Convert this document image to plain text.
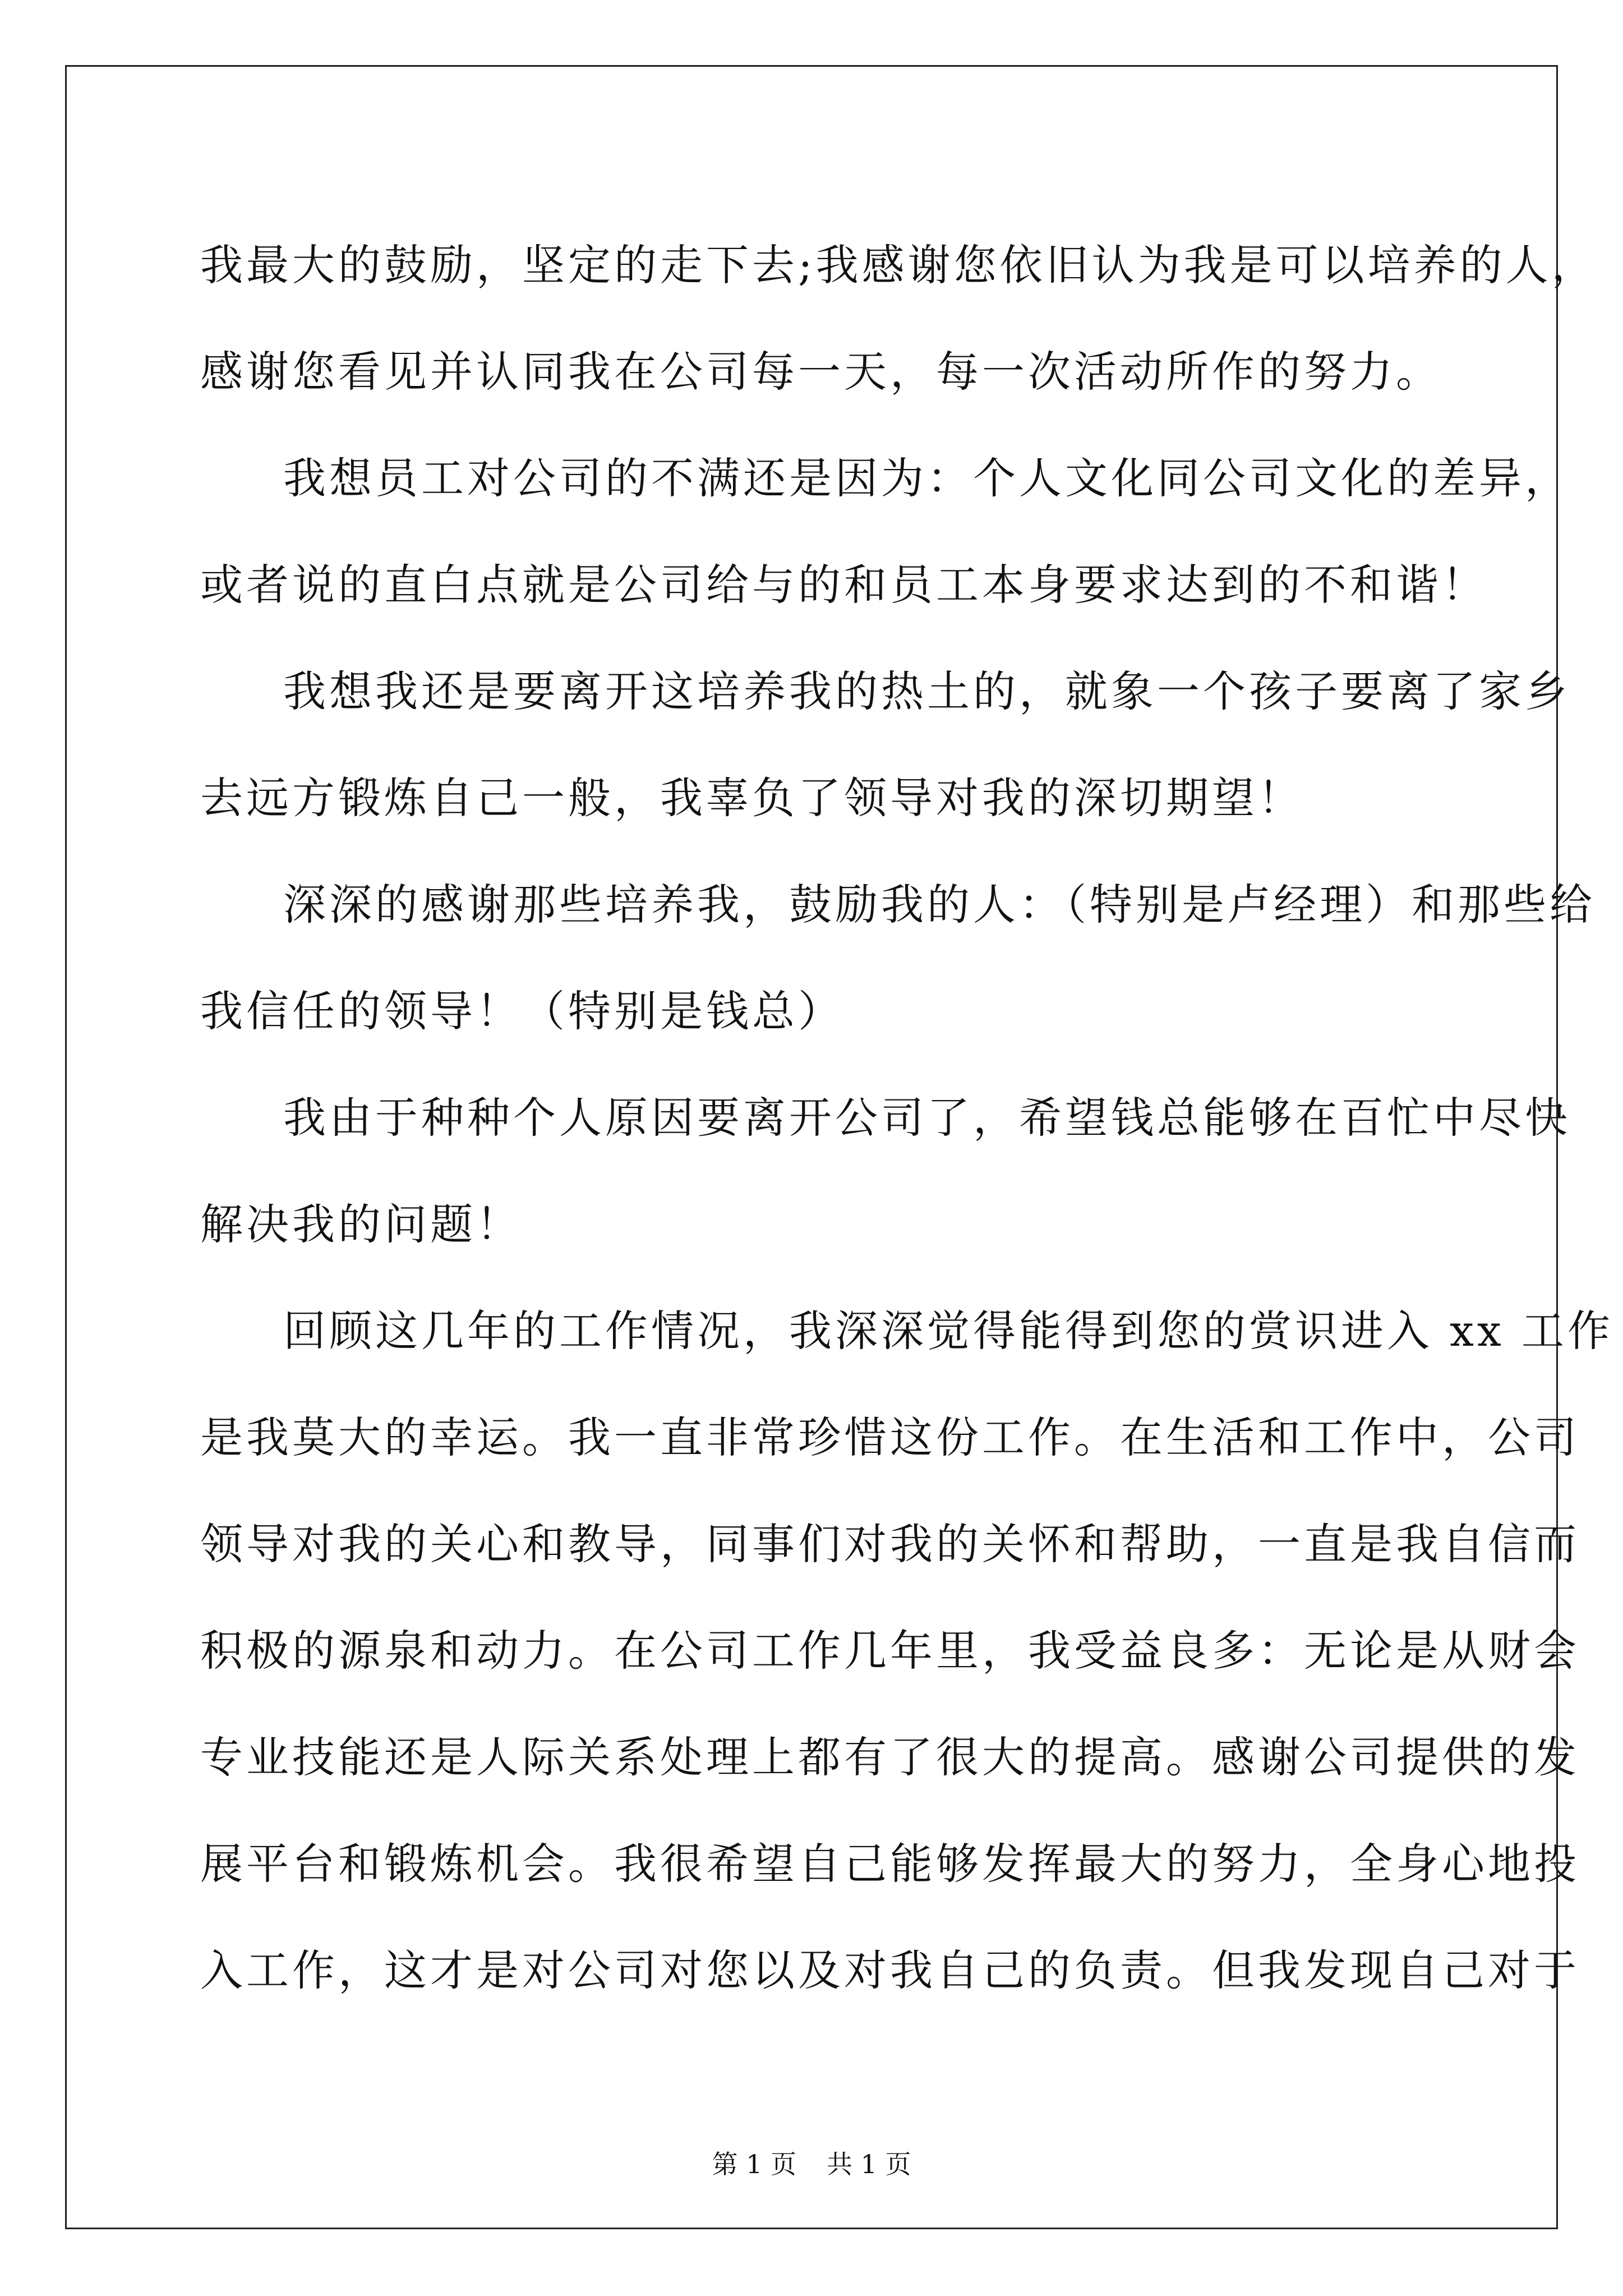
我最大的鼓励，坚定的走下去;我感谢您依旧认为我是可以培养的人，
感谢您看见并认同我在公司每一天，每一次活动所作的努力。
我想员工对公司的不满还是因为：个人文化同公司文化的差异，
或者说的直白点就是公司给与的和员工本身要求达到的不和谐！
我想我还是要离开这培养我的热土的，就象一个孩子要离了家乡
去远方锻炼自己一般，我辜负了领导对我的深切期望！
深深的感谢那些培养我，鼓励我的人：（特别是卢经理）和那些给
我信任的领导！（特别是钱总）
我由于种种个人原因要离开公司了，希望钱总能够在百忙中尽快
解决我的问题！
回顾这几年的工作情况，我深深觉得能得到您的赏识进入 xx 工作
是我莫大的幸运。我一直非常珍惜这份工作。在生活和工作中，公司
领导对我的关心和教导，同事们对我的关怀和帮助，一直是我自信而
积极的源泉和动力。在公司工作几年里，我受益良多：无论是从财会
专业技能还是人际关系处理上都有了很大的提高。感谢公司提供的发
展平台和锻炼机会。我很希望自己能够发挥最大的努力，全身心地投
入工作，这才是对公司对您以及对我自己的负责。但我发现自己对于
第 1 页 共 1 页
